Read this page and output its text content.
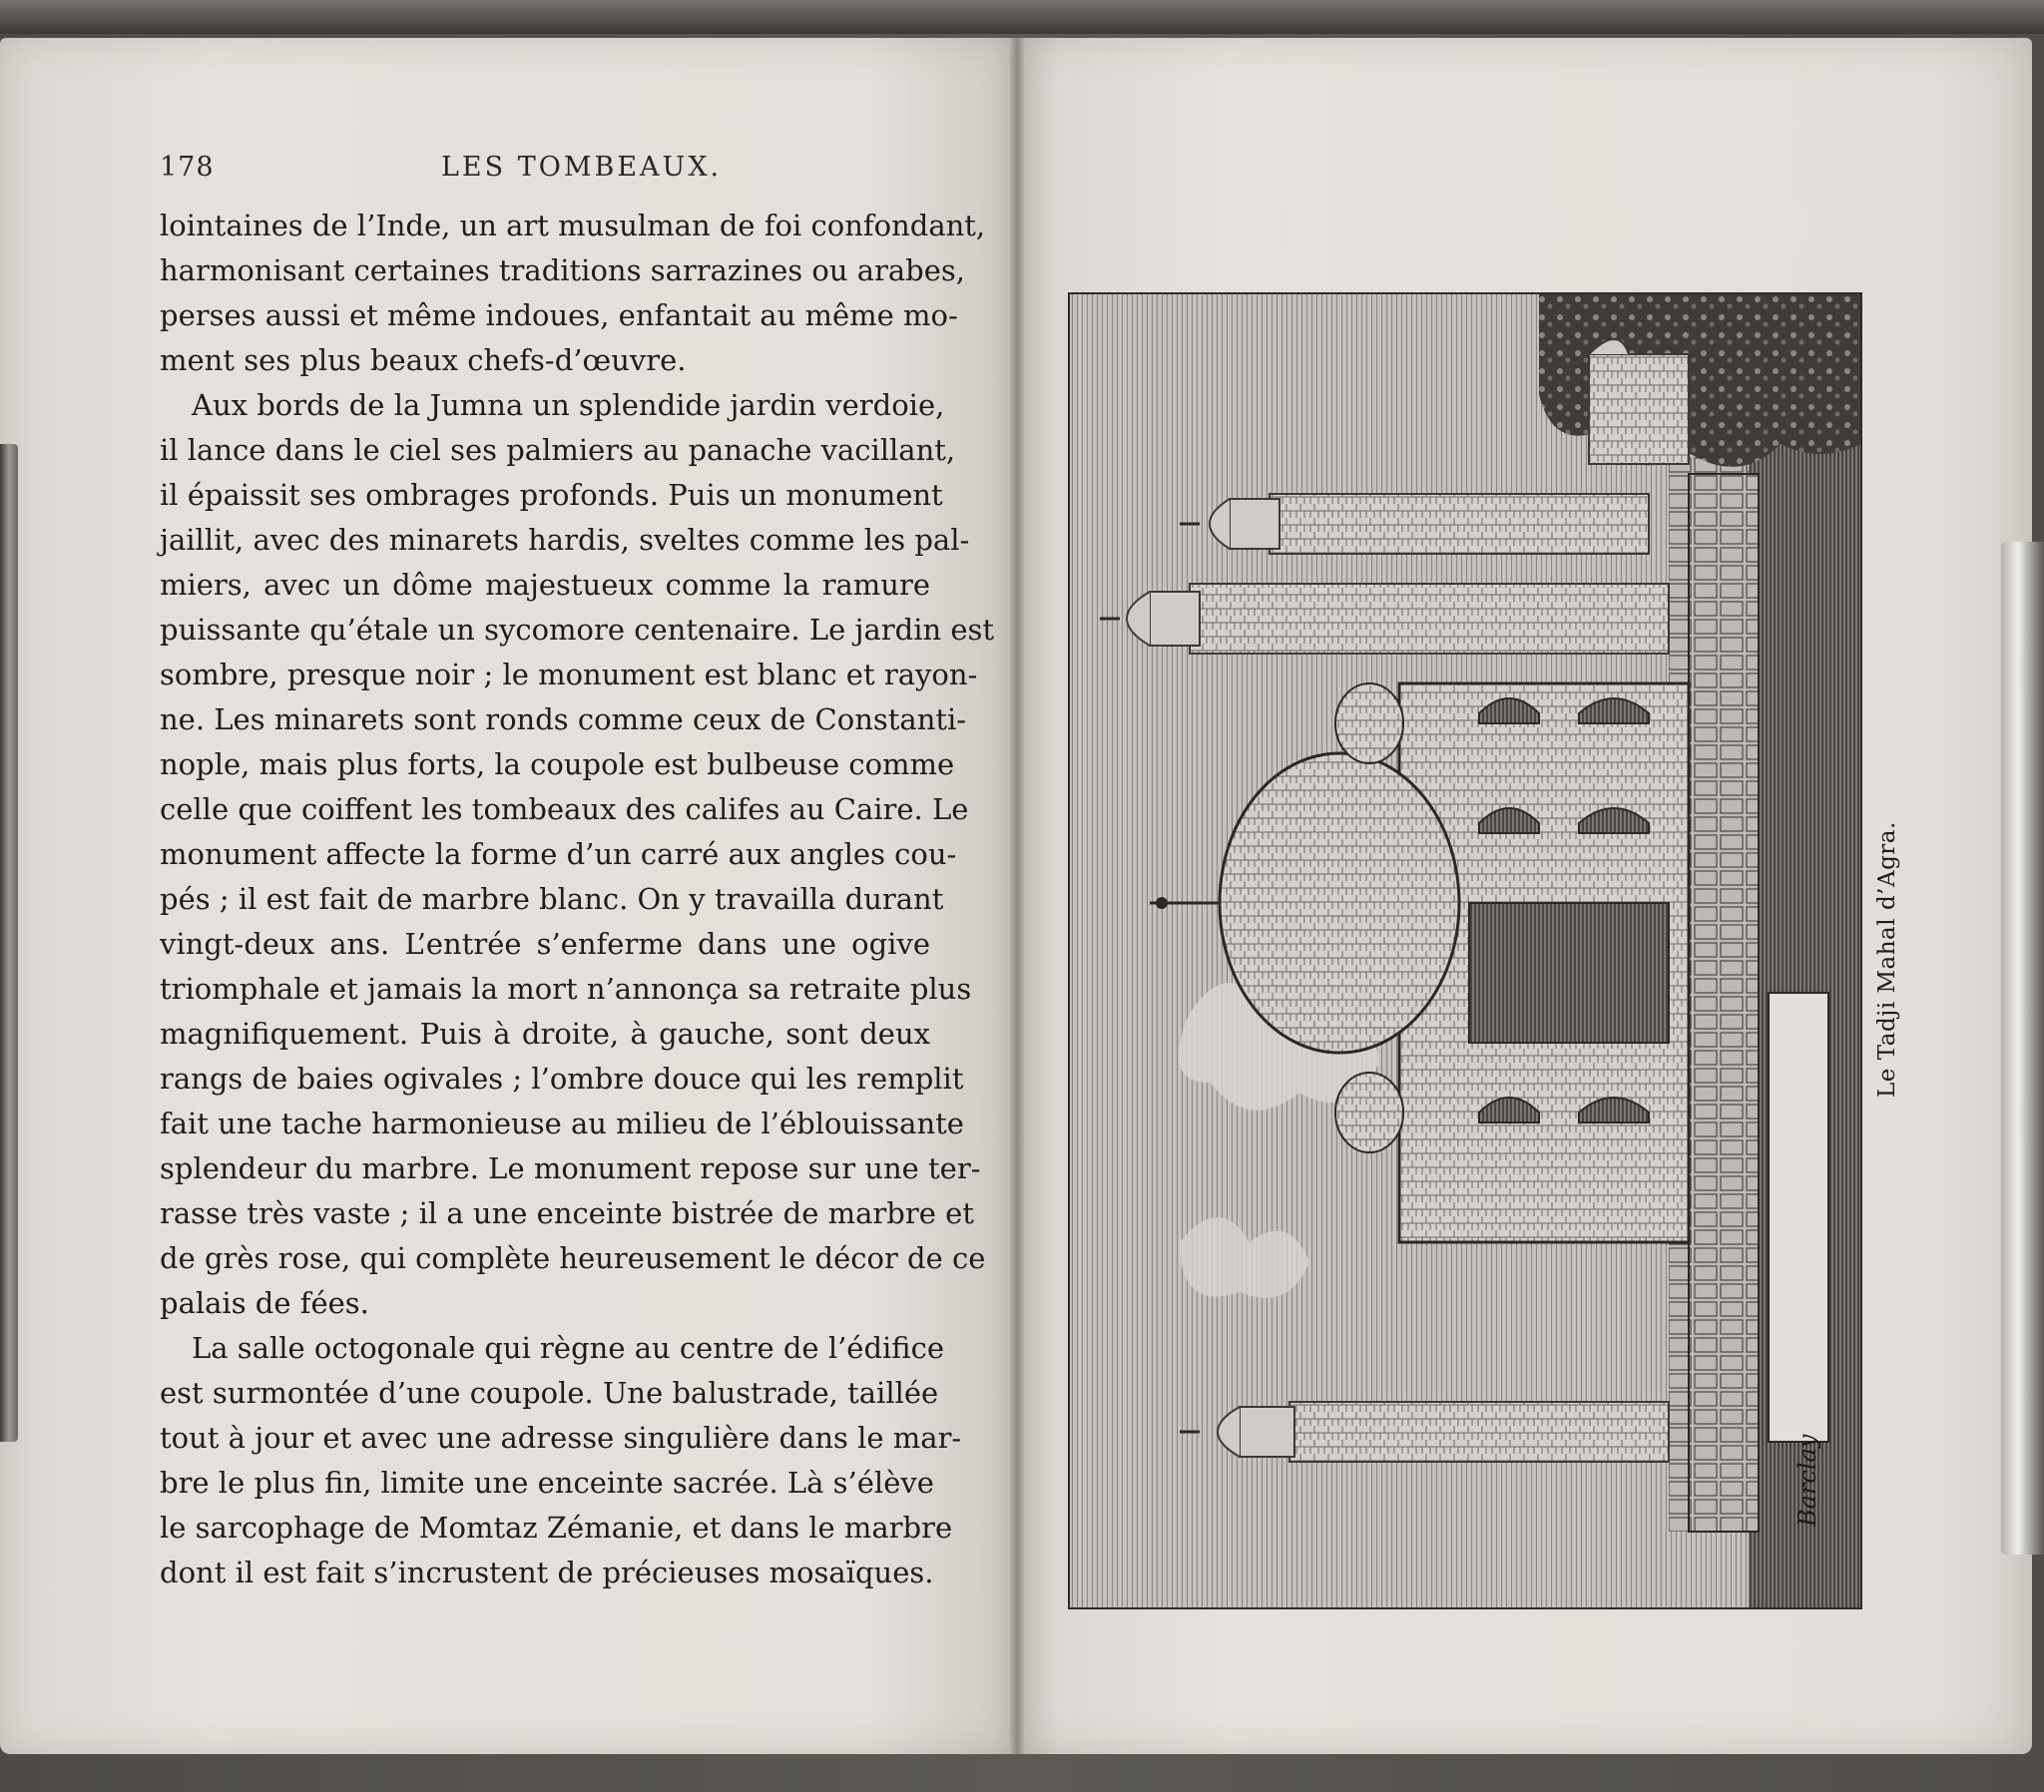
178	LES TOMBEAUX.
lointaines de l’Inde, un art musulman de foi confondant,
harmonisant certaines traditions sarrazines ou arabes,
perses aussi et même indoues, enfantait au même mo-
ment ses plus beaux chefs-d’œuvre.
Aux bords de la Jumna un splendide jardin verdoie,
il lance dans le ciel ses palmiers au panache vacillant,
il épaissit ses ombrages profonds. Puis un monument
jaillit, avec des minarets hardis, sveltes comme les pal-
miers, avec un dôme majestueux comme la ramure
puissante qu’étale un sycomore centenaire. Le jardin est
sombre, presque noir ; le monument est blanc et rayon-
ne. Les minarets sont ronds comme ceux de Constanti-
nople, mais plus forts, la coupole est bulbeuse comme
celle que coiffent les tombeaux des califes au Caire. Le
monument affecte la forme d’un carré aux angles cou-
pés ; il est fait de marbre blanc. On y travailla durant
vingt-deux ans. L’entrée s’enferme dans une ogive
triomphale et jamais la mort n’annonça sa retraite plus
magnifiquement. Puis à droite, à gauche, sont deux
rangs de baies ogivales ; l’ombre douce qui les remplit
fait une tache harmonieuse au milieu de l’éblouissante
splendeur du marbre. Le monument repose sur une ter-
rasse très vaste ; il a une enceinte bistrée de marbre et
de grès rose, qui complète heureusement le décor de ce
palais de fées.
La salle octogonale qui règne au centre de l’édifice
est surmontée d’une coupole. Une balustrade, taillée
tout à jour et avec une adresse singulière dans le mar-
bre le plus fin, limite une enceinte sacrée. Là s’élève
le sarcophage de Momtaz Zémanie, et dans le marbre
dont il est fait s’incrustent de précieuses mosaïques.
Barclay
Le Tadji Mahal d’Agra.
